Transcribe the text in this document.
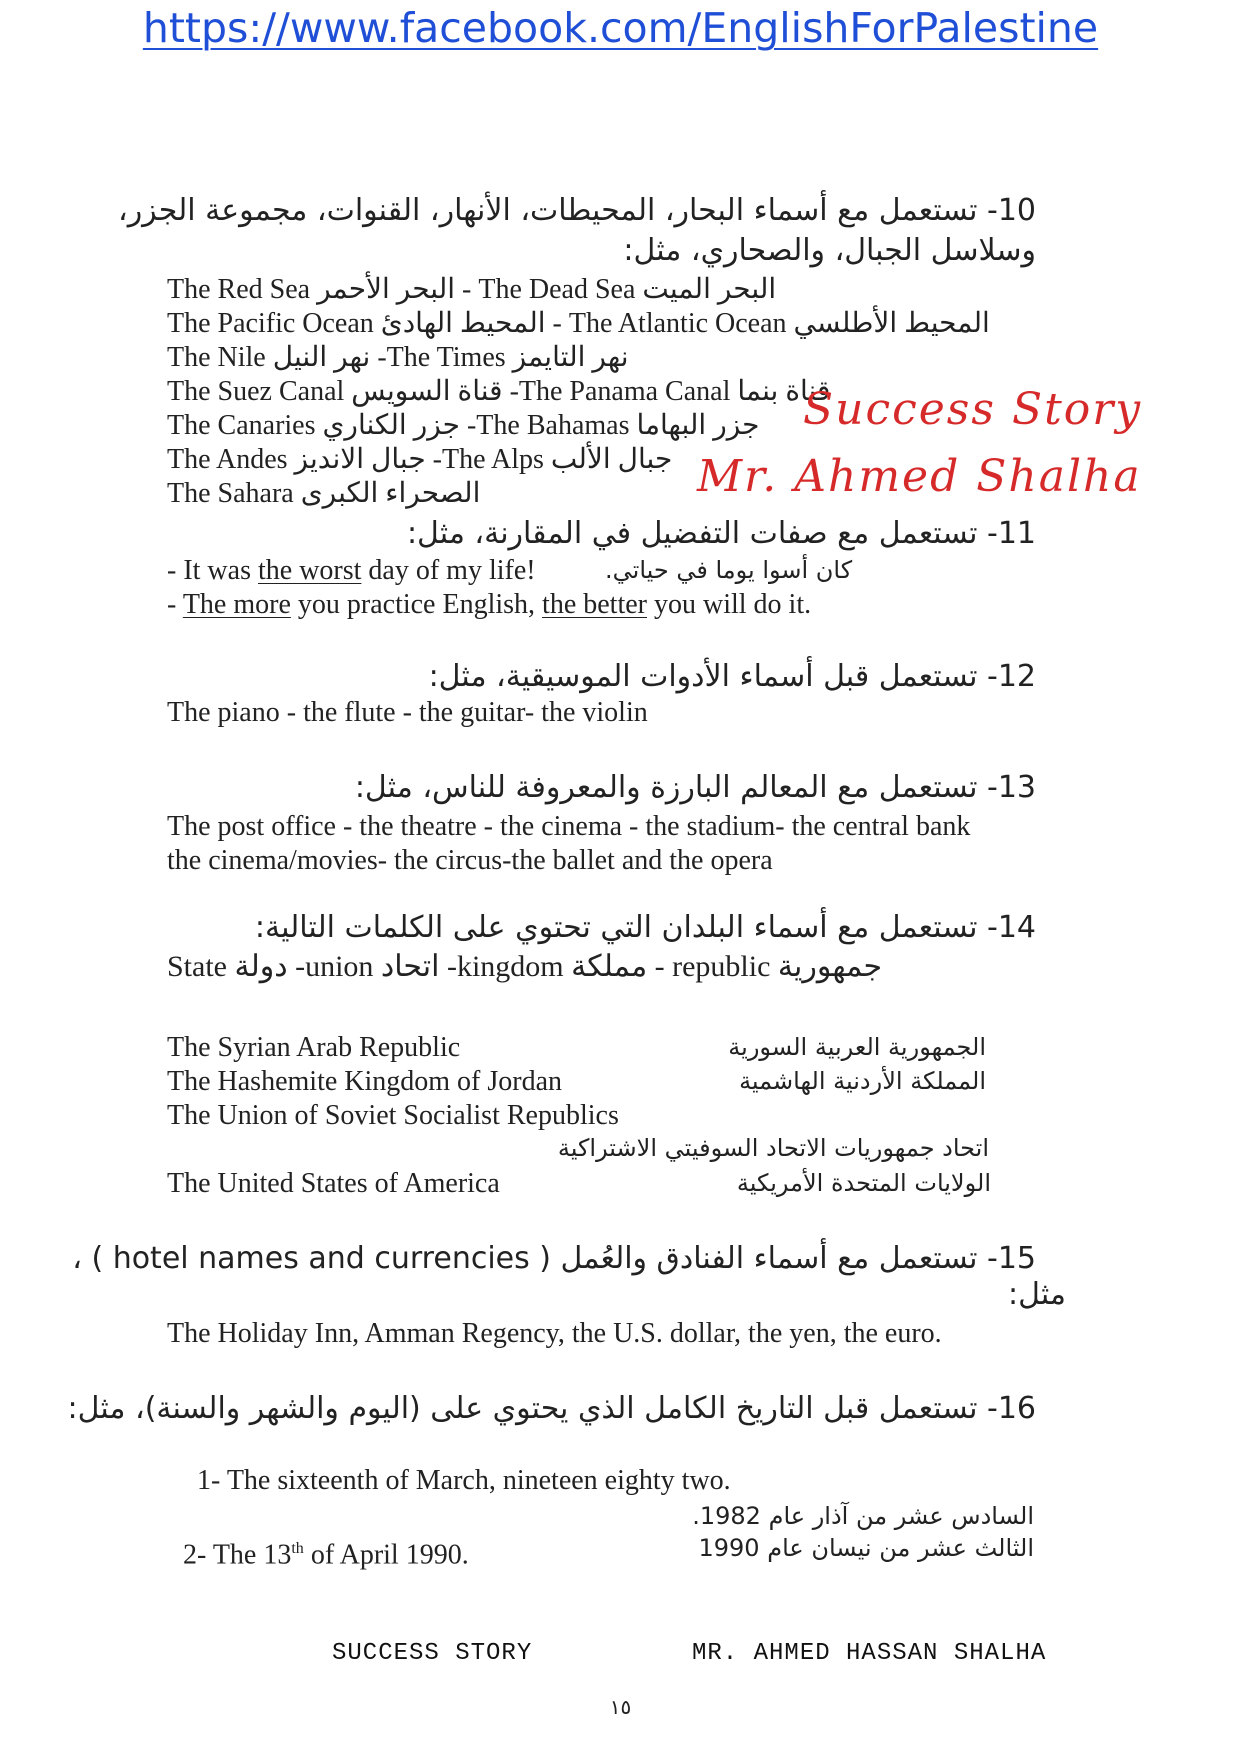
https://www.facebook.com/EnglishForPalestine
10- تستعمل مع أسماء البحار، المحيطات، الأنهار، القنوات، مجموعة الجزر،
وسلاسل الجبال، والصحاري، مثل:
The Red Sea البحر الأحمر - The Dead Sea البحر الميت
The Pacific Ocean المحيط الهادئ - The Atlantic Ocean المحيط الأطلسي
The Nile نهر النيل -The Times نهر التايمز
The Suez Canal قناة السويس -The Panama Canal قناة بنما
The Canaries جزر الكناري -The Bahamas جزر البهاما
The Andes جبال الانديز -The Alps جبال الألب
The Sahara الصحراء الكبرى
Success Story
Mr. Ahmed Shalha
11- تستعمل مع صفات التفضيل في المقارنة، مثل:
- It was the worst day of my life!	كان أسوا يوما في حياتي.
- The more you practice English, the better you will do it.
12- تستعمل قبل أسماء الأدوات الموسيقية، مثل:
The piano - the flute - the guitar- the violin
13- تستعمل مع المعالم البارزة والمعروفة للناس، مثل:
The post office - the theatre - the cinema - the stadium- the central bank
the cinema/movies- the circus-the ballet and the opera
14- تستعمل مع أسماء البلدان التي تحتوي على الكلمات التالية:
State دولة -union اتحاد -kingdom مملكة - republic جمهورية
The Syrian Arab Republic	الجمهورية العربية السورية
The Hashemite Kingdom of Jordan	المملكة الأردنية الهاشمية
The Union of Soviet Socialist Republics
اتحاد جمهوريات الاتحاد السوفيتي الاشتراكية
The United States of America	الولايات المتحدة الأمريكية
15- تستعمل مع أسماء الفنادق والعُمل ( hotel names and currencies ) ،
مثل:
The Holiday Inn, Amman Regency, the U.S. dollar, the yen, the euro.
16- تستعمل قبل التاريخ الكامل الذي يحتوي على (اليوم والشهر والسنة)، مثل:
1- The sixteenth of March, nineteen eighty two.
السادس عشر من آذار عام 1982.
2- The 13th of April 1990.	الثالث عشر من نيسان عام 1990
SUCCESS STORY	MR. AHMED HASSAN SHALHA
١٥
